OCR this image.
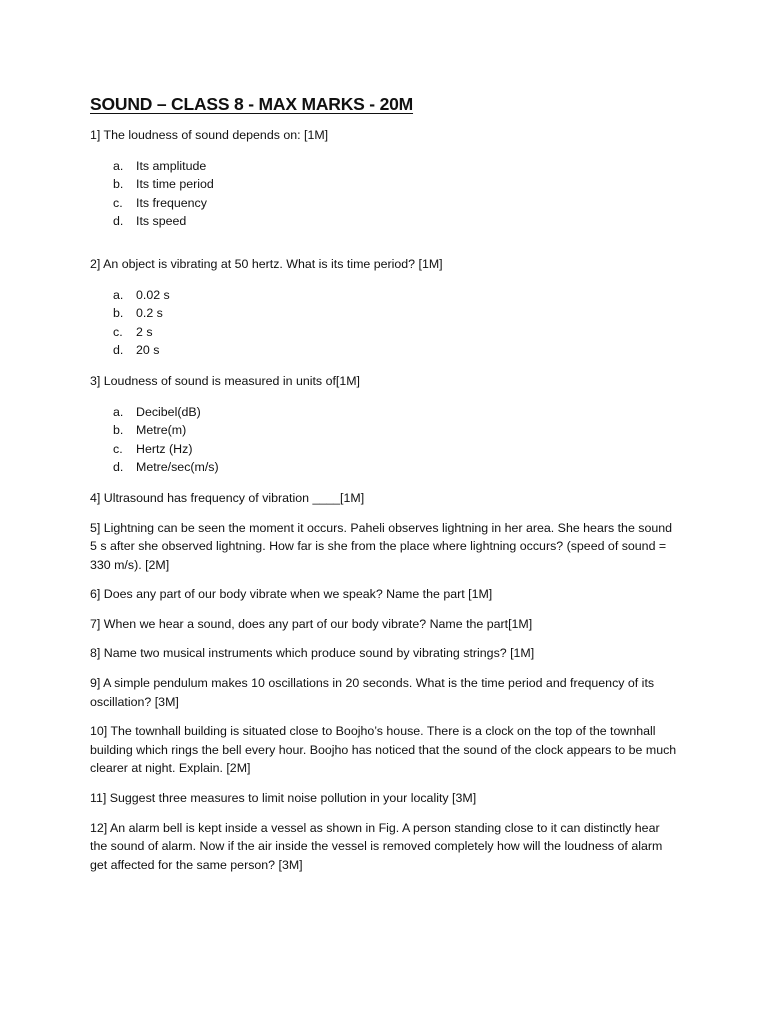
SOUND – CLASS 8 - MAX MARKS - 20M
1] The loudness of sound depends on: [1M]
a.	Its amplitude
b.	Its time period
c.	Its frequency
d.	Its speed
2] An object is vibrating at 50 hertz. What is its time period? [1M]
a.	0.02 s
b.	0.2 s
c.	2 s
d.	20 s
3] Loudness of sound is measured in units of[1M]
a.	Decibel(dB)
b.	Metre(m)
c.	Hertz (Hz)
d.	Metre/sec(m/s)
4] Ultrasound has frequency of vibration ____[1M]
5] Lightning can be seen the moment it occurs. Paheli observes lightning in her area. She hears the sound 5 s after she observed lightning. How far is she from the place where lightning occurs? (speed of sound = 330 m/s). [2M]
6] Does any part of our body vibrate when we speak? Name the part [1M]
7] When we hear a sound, does any part of our body vibrate? Name the part[1M]
8] Name two musical instruments which produce sound by vibrating strings? [1M]
9] A simple pendulum makes 10 oscillations in 20 seconds. What is the time period and frequency of its oscillation? [3M]
10] The townhall building is situated close to Boojho’s house. There is a clock on the top of the townhall building which rings the bell every hour. Boojho has noticed that the sound of the clock appears to be much clearer at night. Explain. [2M]
11] Suggest three measures to limit noise pollution in your locality [3M]
12] An alarm bell is kept inside a vessel as shown in Fig. A person standing close to it can distinctly hear the sound of alarm. Now if the air inside the vessel is removed completely how will the loudness of alarm get affected for the same person? [3M]
